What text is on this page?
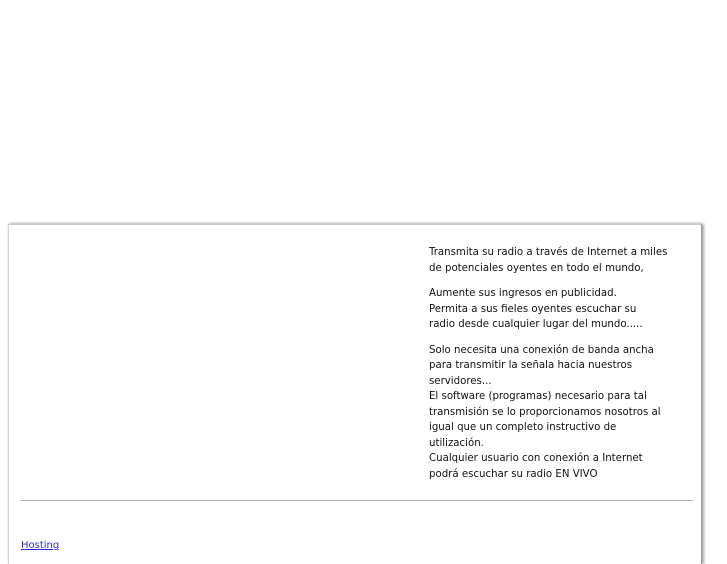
Transmita su radio a través de Internet a miles
de potenciales oyentes en todo el mundo,

Aumente sus ingresos en publicidad.
Permita a sus fieles oyentes escuchar su
radio desde cualquier lugar del mundo.....

Solo necesita una conexión de banda ancha
para transmitir la señala hacia nuestros
servidores...
El software (programas) necesario para tal
transmisión se lo proporcionamos nosotros al
igual que un completo instructivo de
utilización.
Cualquier usuario con conexión a Internet
podrá escuchar su radio EN VIVO

Hosting
